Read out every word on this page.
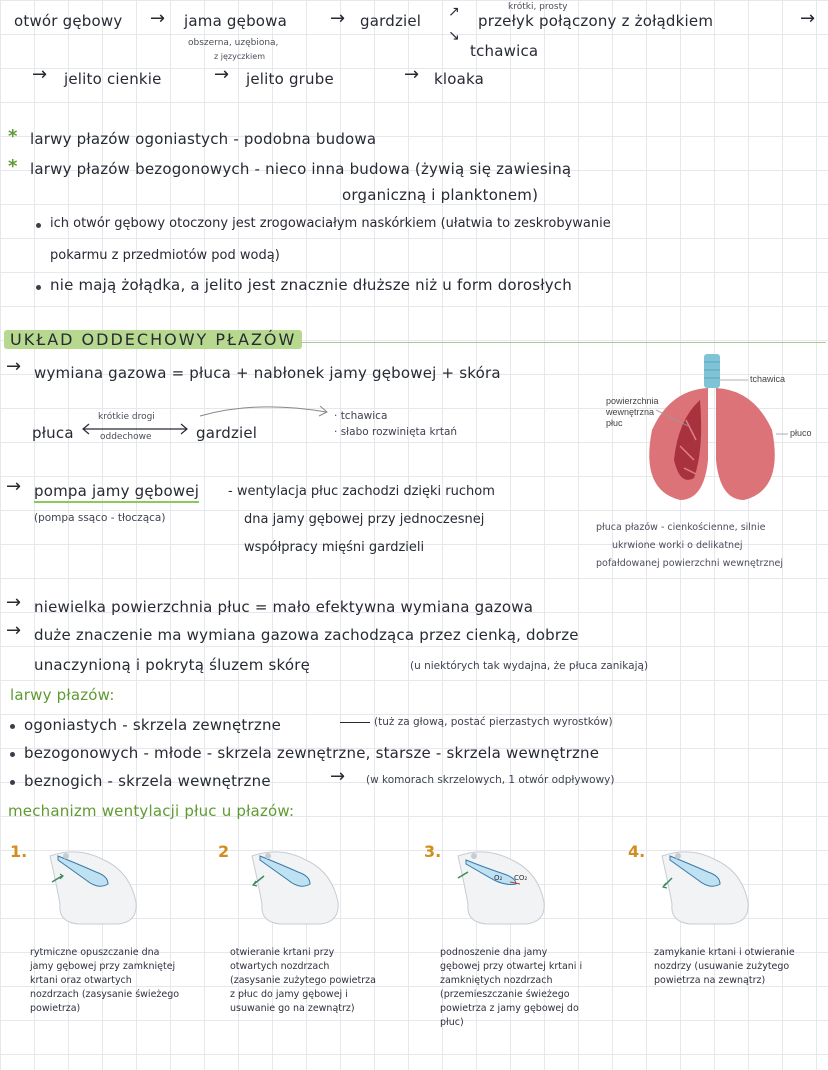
otwór gębowy → jama gębowa
obszerna, uzębiona,
z języczkiem
→ gardziel ↗
↘
krótki, prosty
przełyk połączony z żołądkiem	→
tchawica
→ jelito cienkie	→ jelito grube	→ kloaka
* larwy płazów ogoniastych - podobna budowa
* larwy płazów bezogonowych - nieco inna budowa (żywią się zawiesiną
organiczną i planktonem)
ich otwór gębowy otoczony jest zrogowaciałym naskórkiem (ułatwia to zeskrobywanie
pokarmu z przedmiotów pod wodą)
nie mają żołądka, a jelito jest znacznie dłuższe niż u form dorosłych
UKŁAD ODDECHOWY PŁAZÓW
→ wymiana gazowa = płuca + nabłonek jamy gębowej + skóra
płuca
krótkie drogi
oddechowe	gardziel
· tchawica
· słabo rozwinięta krtań
→ pompa jamy gębowej
(pompa ssąco - tłocząca)
- wentylacja płuc zachodzi dzięki ruchom
dna jamy gębowej przy jednoczesnej
współpracy mięśni gardzieli
tchawica
powierzchnia
wewnętrzna
płuc
płuco
płuca płazów - cienkościenne, silnie
ukrwione worki o delikatnej
pofałdowanej powierzchni wewnętrznej
→ niewielka powierzchnia płuc = mało efektywna wymiana gazowa
→ duże znaczenie ma wymiana gazowa zachodząca przez cienką, dobrze
unaczynioną i pokrytą śluzem skórę	(u niektórych tak wydajna, że płuca zanikają)
larwy płazów:
ogoniastych - skrzela zewnętrzne	(tuż za głową, postać pierzastych wyrostków)
bezogonowych - młode - skrzela zewnętrzne, starsze - skrzela wewnętrzne
beznogich - skrzela wewnętrzne	→ (w komorach skrzelowych, 1 otwór odpływowy)
mechanizm wentylacji płuc u płazów:
1.
rytmiczne opuszczanie dna jamy gębowej przy zamkniętej krtani oraz otwartych nozdrzach (zasysanie świeżego powietrza)
2
otwieranie krtani przy otwartych nozdrzach (zasysanie zużytego powietrza z płuc do jamy gębowej i usuwanie go na zewnątrz)
3.
O₂ CO₂
podnoszenie dna jamy gębowej przy otwartej krtani i zamkniętych nozdrzach (przemieszczanie świeżego powietrza z jamy gębowej do płuc)
4.
zamykanie krtani i otwieranie nozdrzy (usuwanie zużytego powietrza na zewnątrz)
